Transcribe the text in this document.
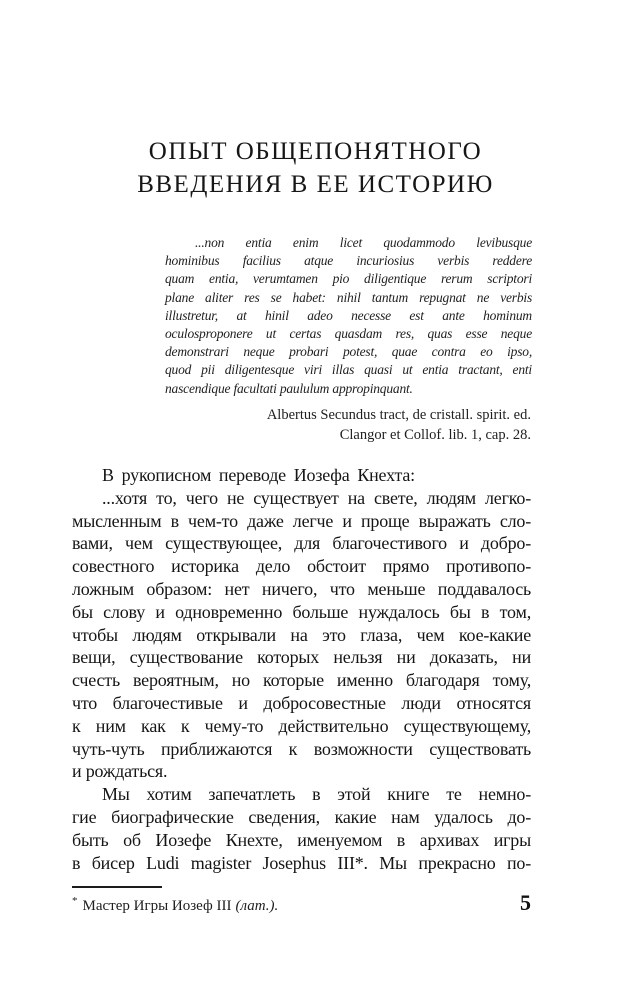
ОПЫТ ОБЩЕПОНЯТНОГО
ВВЕДЕНИЯ В ЕЕ ИСТОРИЮ
...non entia enim licet quodammodo levibusque
hominibus facilius atque incuriosius verbis reddere
quam entia, verumtamen pio diligentique rerum scriptori
plane aliter res se habet: nihil tantum repugnat ne verbis
illustretur, at hinil adeo necesse est ante hominum
oculosproponere ut certas quasdam res, quas esse neque
demonstrari neque probari potest, quae contra eo ipso,
quod pii diligentesque viri illas quasi ut entia tractant, enti
nascendique facultati paululum appropinquant.
Albertus Secundus tract, de cristall. spirit. ed.
Clangor et Collof. lib. 1, cap. 28.
В рукописном переводе Иозефа Кнехта:
...хотя то, чего не существует на свете, людям легко-
мысленным в чем-то даже легче и проще выражать сло-
вами, чем существующее, для благочестивого и добро-
совестного историка дело обстоит прямо противопо-
ложным образом: нет ничего, что меньше поддавалось
бы слову и одновременно больше нуждалось бы в том,
чтобы людям открывали на это глаза, чем кое-какие
вещи, существование которых нельзя ни доказать, ни
счесть вероятным, но которые именно благодаря тому,
что благочестивые и добросовестные люди относятся
к ним как к чему-то действительно существующему,
чуть-чуть приближаются к возможности существовать
и рождаться.
Мы хотим запечатлеть в этой книге те немно-
гие биографические сведения, какие нам удалось до-
быть об Иозефе Кнехте, именуемом в архивах игры
в бисер Ludi magister Josephus III*. Мы прекрасно по-
* Мастер Игры Иозеф III (лат.).	5
